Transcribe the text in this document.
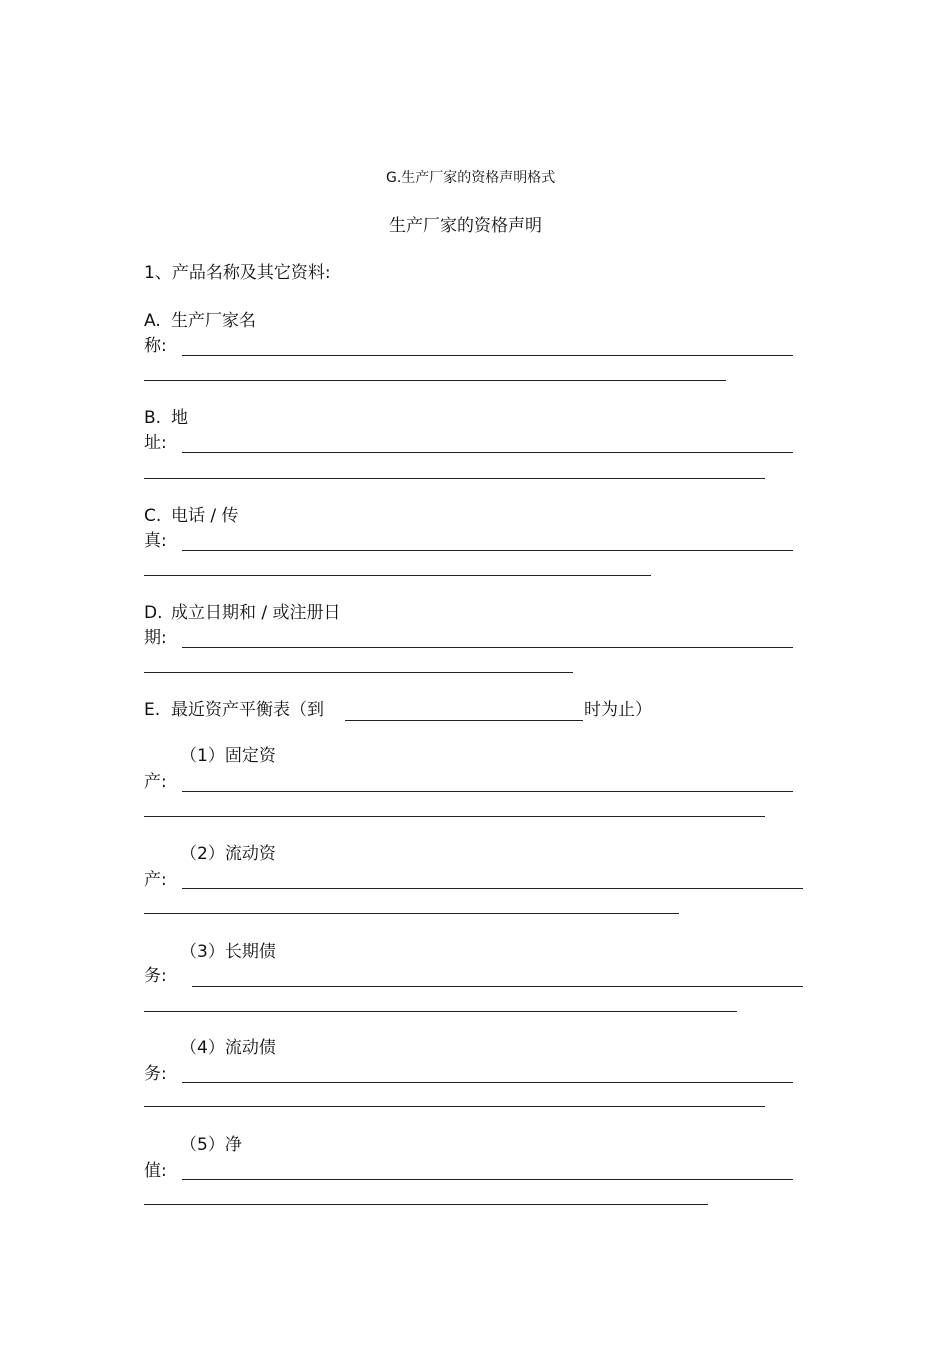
G.生产厂家的资格声明格式
生产厂家的资格声明
1、产品名称及其它资料:
A. 生产厂家名
称:
B. 地
址:
C. 电话 / 传
真:
D. 成立日期和 / 或注册日
期:
E. 最近资产平衡表（到	时为止）
（1）固定资
产:
（2）流动资
产:
（3）长期债
务:
（4）流动债
务:
（5）净
值:
